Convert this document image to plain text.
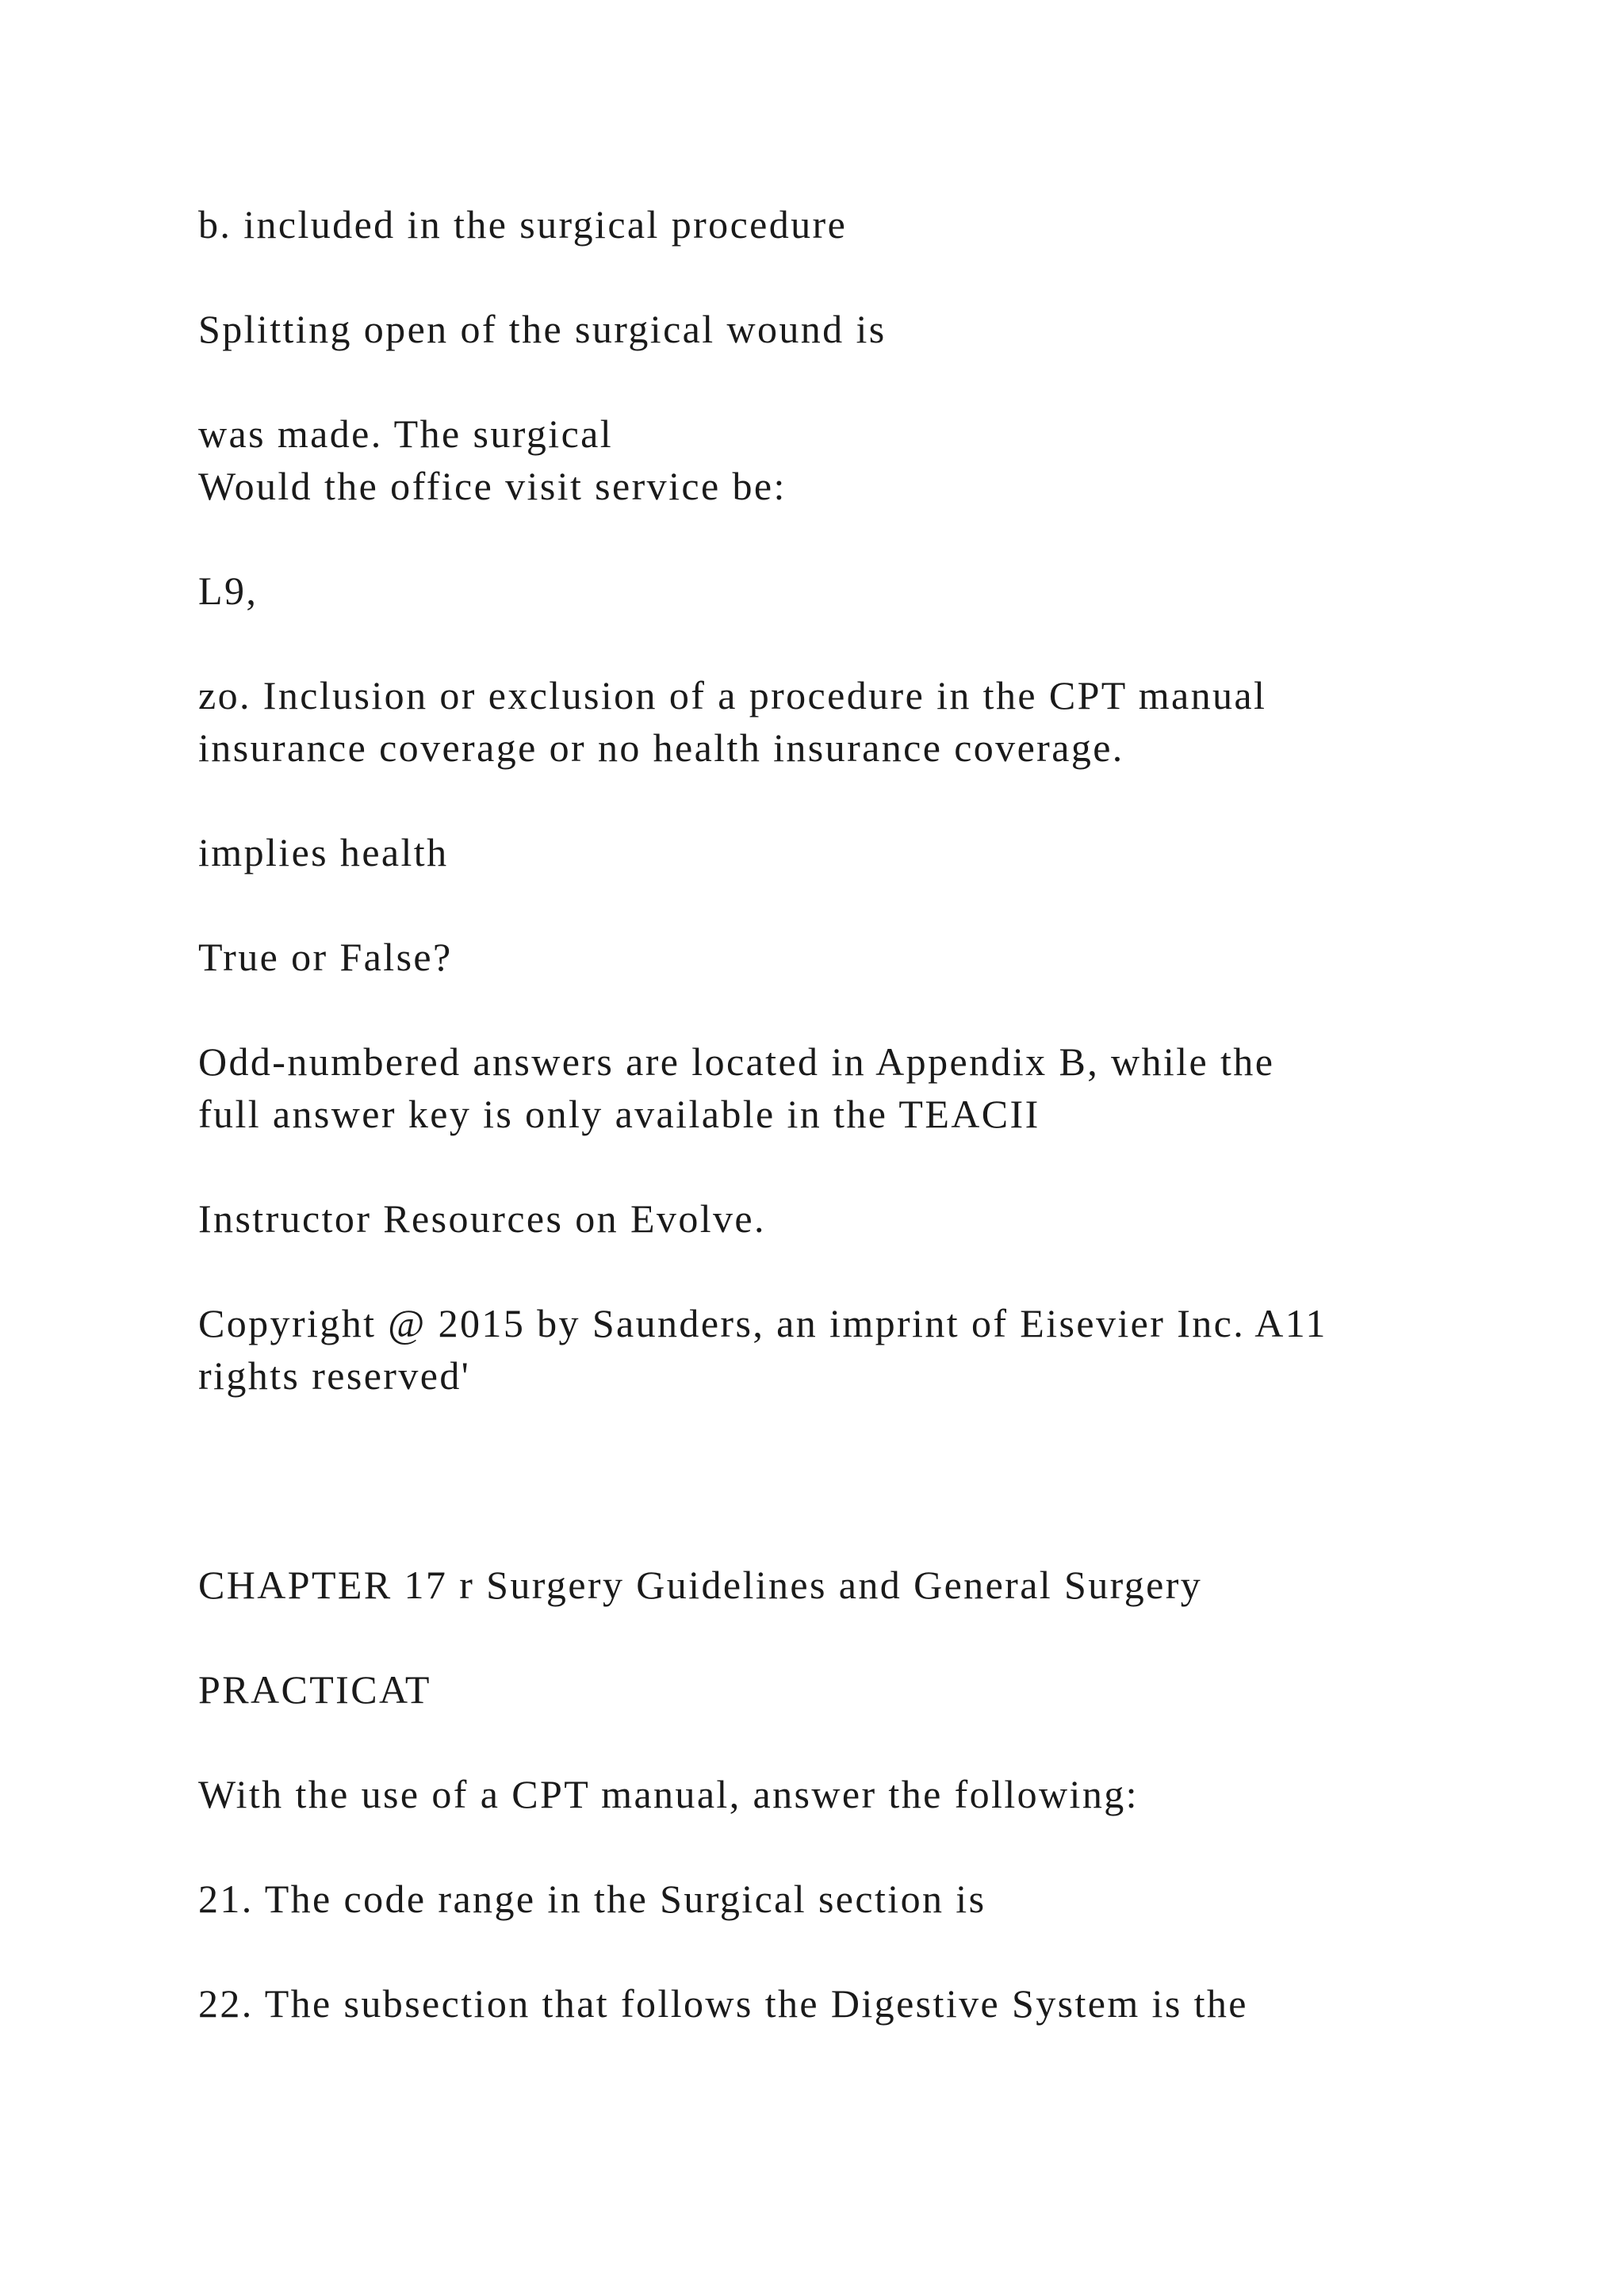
b. included in the surgical procedure
Splitting open of the surgical wound is
was made. The surgical
Would the office visit service be:
L9,
zo. Inclusion or exclusion of a procedure in the CPT manual
insurance coverage or no health insurance coverage.
implies health
True or False?
Odd-numbered answers are located in Appendix B, while the
full answer key is only available in the TEACII
Instructor Resources on Evolve.
Copyright @ 2015 by Saunders, an imprint of Eisevier Inc. A11
rights reserved'
CHAPTER 17 r Surgery Guidelines and General Surgery
PRACTICAT
With the use of a CPT manual, answer the following:
21. The code range in the Surgical section is
22. The subsection that follows the Digestive System is the
